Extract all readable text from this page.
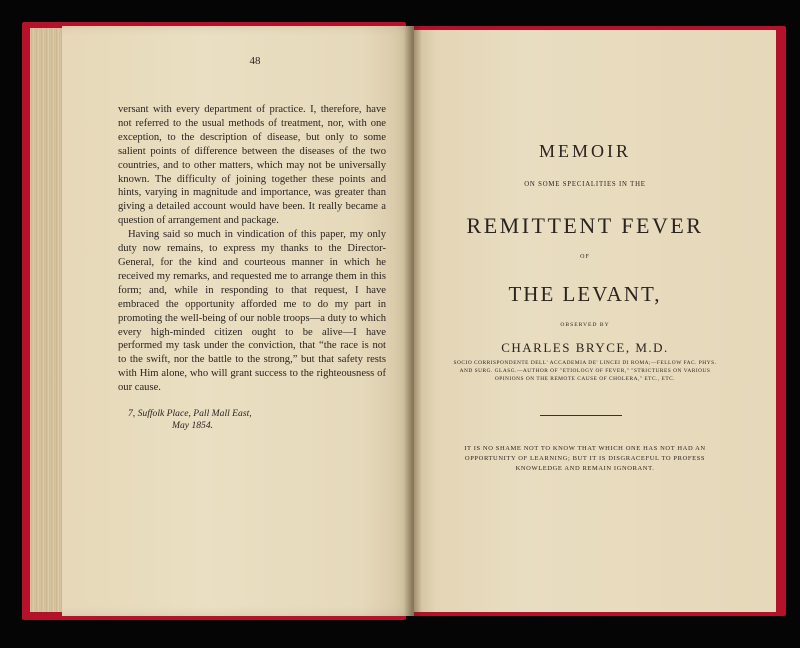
48

versant with every department of practice. I, therefore, have not referred to the usual methods of treatment, nor, with one exception, to the description of disease, but only to some salient points of difference between the diseases of the two countries, and to other matters, which may not be universally known. The difficulty of joining together these points and hints, varying in magnitude and importance, was greater than giving a detailed account would have been. It really became a question of arrangement and package.

Having said so much in vindication of this paper, my only duty now remains, to express my thanks to the Director-General, for the kind and courteous manner in which he received my remarks, and requested me to arrange them in this form; and, while in responding to that request, I have embraced the opportunity afforded me to do my part in promoting the well-being of our noble troops—a duty to which every high-minded citizen ought to be alive—I have performed my task under the conviction, that “the race is not to the swift, nor the battle to the strong,” but that safety rests with Him alone, who will grant success to the righteousness of our cause.

7, Suffolk Place, Pall Mall East,
May 1854.
MEMOIR
ON SOME SPECIALITIES IN THE
REMITTENT FEVER
OF
THE LEVANT,
OBSERVED BY
CHARLES BRYCE, M.D.
SOCIO CORRISPONDENTE DELL' ACCADEMIA DE' LINCEI DI ROMA;—FELLOW FAC. PHYS. AND SURG. GLASG.—AUTHOR OF "ETIOLOGY OF FEVER," "STRICTURES ON VARIOUS OPINIONS ON THE REMOTE CAUSE OF CHOLERA," ETC., ETC.
IT IS NO SHAME NOT TO KNOW THAT WHICH ONE HAS NOT HAD AN OPPORTUNITY OF LEARNING; BUT IT IS DISGRACEFUL TO PROFESS KNOWLEDGE AND REMAIN IGNORANT.
